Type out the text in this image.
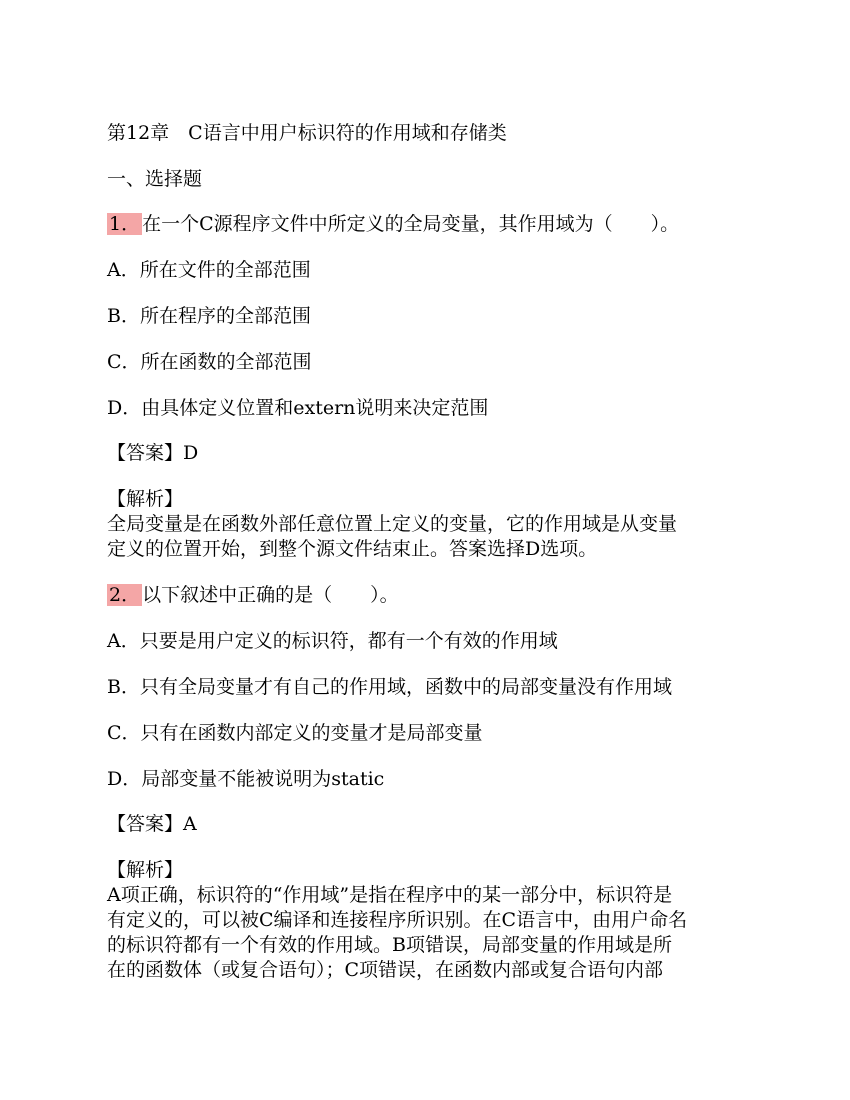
第12章　C语言中用户标识符的作用域和存储类
一、选择题
1． 在一个C源程序文件中所定义的全局变量，其作用域为（　　）。
A．所在文件的全部范围
B．所在程序的全部范围
C．所在函数的全部范围
D．由具体定义位置和extern说明来决定范围
【答案】D
【解析】
全局变量是在函数外部任意位置上定义的变量，它的作用域是从变量
定义的位置开始，到整个源文件结束止。答案选择D选项。
2． 以下叙述中正确的是（　　）。
A．只要是用户定义的标识符，都有一个有效的作用域
B．只有全局变量才有自己的作用域，函数中的局部变量没有作用域
C．只有在函数内部定义的变量才是局部变量
D．局部变量不能被说明为static
【答案】A
【解析】
A项正确，标识符的“作用域”是指在程序中的某一部分中，标识符是
有定义的，可以被C编译和连接程序所识别。在C语言中，由用户命名
的标识符都有一个有效的作用域。B项错误，局部变量的作用域是所
在的函数体（或复合语句）；C项错误，在函数内部或复合语句内部
